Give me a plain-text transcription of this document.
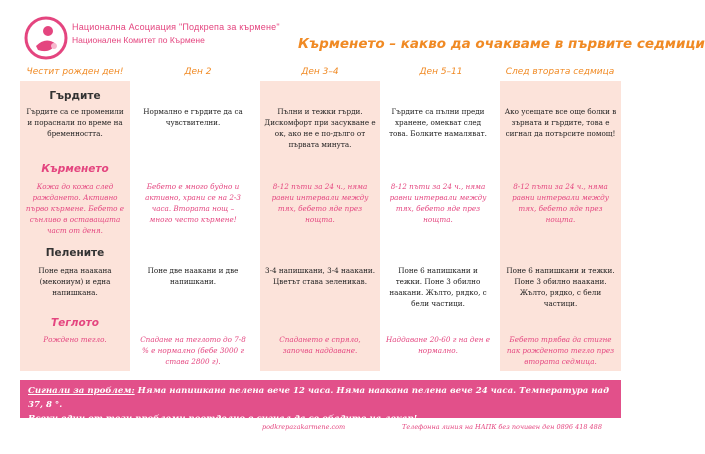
Национална Асоциация "Подкрепа за кърмене"
Национален Комитет по Кърмене	Кърменето – какво да очакваме в първите седмици
Честит рожден ден!	Ден 2	Ден 3–4	Ден 5–11	След втората седмица
Гърдите
Гърдите са се променили и пораснали по време на бременността.
Нормално е гърдите да са чувствителни.
Пълни и тежки гърди. Дискомфорт при засукване е ок, ако не е по-дълго от първата минута.
Гърдите са пълни преди хранене, омекват след това. Болките намаляват.
Ако усещате все още болки в зърната и гърдите, това е сигнал да потърсите помощ!
Кърменето
Кожа до кожа след раждането. Активно първо кърмене. Бебето е сънливо в оставащата част от деня.
Бебето е много будно и активно, храни се на 2-3 часа. Втората нощ – много често кърмене!
8-12 пъти за 24 ч., няма равни интервали между тях, бебето яде през нощта.
8-12 пъти за 24 ч., няма равни интервали между тях, бебето яде през нощта.
8-12 пъти за 24 ч., няма равни интервали между тях, бебето яде през нощта.
Пелените
Поне една наакана (мекониум) и една напишкана.
Поне две наакани и две напишкани.
3-4 напишкани, 3-4 наакани. Цветът става зеленикав.
Поне 6 напишкани и тежки. Поне 3 обилно наакани. Жълто, рядко, с бели частици.
Поне 6 напишкани и тежки. Поне 3 обилно наакани. Жълто, рядко, с бели частици.
Теглото
Рождено тегло.	Спадане на теглото до 7-8 % е нормално (бебе 3000 г става 2800 г).
Спадането е спряло, започва наддаване.
Наддаване 20-60 г на ден е нормално.
Бебето трябва да стигне пак рожденото тегло през втората седмица.
Сигнали за проблем: Няма напишкана пелена вече 12 часа. Няма наакана пелена вече 24 часа. Температура над 37, 8 °.
Всеки един от тези проблеми поотделно е сигнал да се обадите на лекар!
podkrepazakarmene.com	Телефонна линия на НАПК без почивен ден 0896 418 488
